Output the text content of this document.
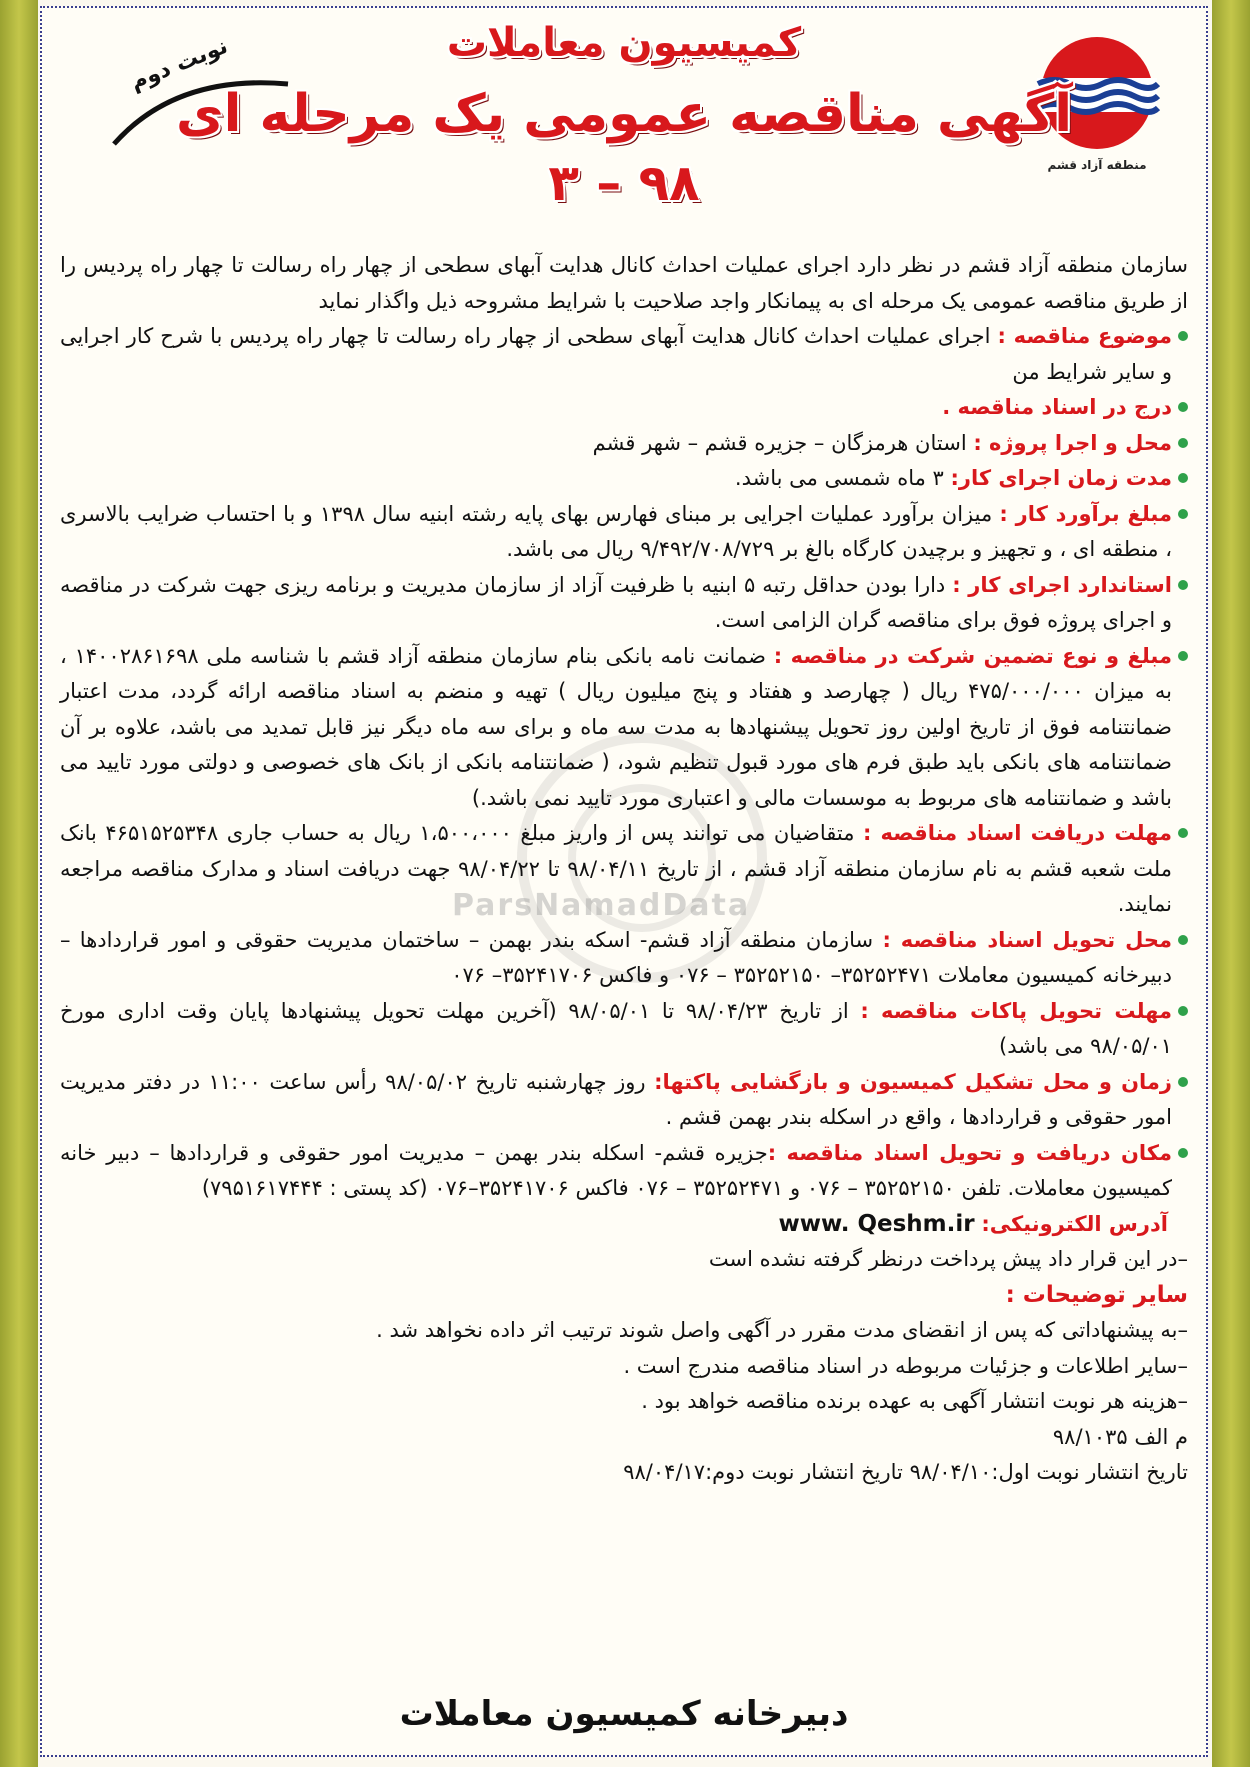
منطقه آزاد قشم
کمیسیون معاملات
آگهی مناقصه عمومی یک مرحله ای
۳ – ۹۸
نوبت دوم
ParsNamadData

سازمان منطقه آزاد قشم در نظر دارد اجرای عملیات احداث کانال هدایت آبهای سطحی از چهار راه رسالت تا چهار راه پردیس را از طریق مناقصه عمومی یک مرحله ای به پیمانکار واجد صلاحیت با شرایط مشروحه ذیل واگذار نماید

موضوع مناقصه : اجرای عملیات احداث کانال هدایت آبهای سطحی از چهار راه رسالت تا چهار راه پردیس با شرح کار اجرایی و سایر شرایط من

درج در اسناد مناقصه .

محل و اجرا پروژه : استان هرمزگان – جزیره قشم – شهر قشم

مدت زمان اجرای کار: ۳ ماه شمسی می باشد.

مبلغ برآورد کار : میزان برآورد عملیات اجرایی بر مبنای فهارس بهای پایه رشته ابنیه سال ۱۳۹۸ و با احتساب ضرایب بالاسری ، منطقه ای ، و تجهیز و برچیدن کارگاه بالغ بر ۹/۴۹۲/۷۰۸/۷۲۹ ریال می باشد.

استاندارد اجرای کار : دارا بودن حداقل رتبه ۵ ابنیه با ظرفیت آزاد از سازمان مدیریت و برنامه ریزی جهت شرکت در مناقصه و اجرای پروژه فوق برای مناقصه گران الزامی است.

مبلغ و نوع تضمین شرکت در مناقصه : ضمانت نامه بانکی بنام سازمان منطقه آزاد قشم با شناسه ملی ۱۴۰۰۲۸۶۱۶۹۸ ، به میزان ۴۷۵/۰۰۰/۰۰۰ ریال ( چهارصد و هفتاد و پنج میلیون ریال ) تهیه و منضم به اسناد مناقصه ارائه گردد، مدت اعتبار ضمانتنامه فوق از تاریخ اولین روز تحویل پیشنهادها به مدت سه ماه و برای سه ماه دیگر نیز قابل تمدید می باشد، علاوه بر آن ضمانتنامه های بانکی باید طبق فرم های مورد قبول تنظیم شود، ( ضمانتنامه بانکی از بانک های خصوصی و دولتی مورد تایید می باشد و ضمانتنامه های مربوط به موسسات مالی و اعتباری مورد تایید نمی باشد.)

مهلت دریافت اسناد مناقصه : متقاضیان می توانند پس از واریز مبلغ ۱،۵۰۰،۰۰۰ ریال به حساب جاری ۴۶۵۱۵۲۵۳۴۸ بانک ملت شعبه قشم به نام سازمان منطقه آزاد قشم ، از تاریخ ۹۸/۰۴/۱۱ تا ۹۸/۰۴/۲۲ جهت دریافت اسناد و مدارک مناقصه مراجعه نمایند.

محل تحویل اسناد مناقصه : سازمان منطقه آزاد قشم- اسکه بندر بهمن – ساختمان مدیریت حقوقی و امور قراردادها – دبیرخانه کمیسیون معاملات ۳۵۲۵۲۴۷۱– ۳۵۲۵۲۱۵۰ – ۰۷۶ و فاکس ۳۵۲۴۱۷۰۶– ۰۷۶

مهلت تحویل پاکات مناقصه : از تاریخ ۹۸/۰۴/۲۳ تا ۹۸/۰۵/۰۱ (آخرین مهلت تحویل پیشنهادها پایان وقت اداری مورخ ۹۸/۰۵/۰۱ می باشد)

زمان و محل تشکیل کمیسیون و بازگشایی پاکتها: روز چهارشنبه تاریخ ۹۸/۰۵/۰۲ رأس ساعت ۱۱:۰۰ در دفتر مدیریت امور حقوقی و قراردادها ، واقع در اسکله بندر بهمن قشم .

مکان دریافت و تحویل اسناد مناقصه :جزیره قشم- اسکله بندر بهمن – مدیریت امور حقوقی و قراردادها – دبیر خانه کمیسیون معاملات. تلفن ۳۵۲۵۲۱۵۰ – ۰۷۶ و ۳۵۲۵۲۴۷۱ – ۰۷۶ فاکس ۳۵۲۴۱۷۰۶–۰۷۶ (کد پستی : ۷۹۵۱۶۱۷۴۴۴)

آدرس الکترونیکی: www. Qeshm.ir

–در این قرار داد پیش پرداخت درنظر گرفته نشده است

سایر توضیحات :

–به پیشنهاداتی که پس از انقضای مدت مقرر در آگهی واصل شوند ترتیب اثر داده نخواهد شد .

–سایر اطلاعات و جزئیات مربوطه در اسناد مناقصه مندرج است .

–هزینه هر نوبت انتشار آگهی به عهده برنده مناقصه خواهد بود .

م الف ۹۸/۱۰۳۵

تاریخ انتشار نوبت اول:۹۸/۰۴/۱۰ تاریخ انتشار نوبت دوم:۹۸/۰۴/۱۷

دبیرخانه کمیسیون معاملات
